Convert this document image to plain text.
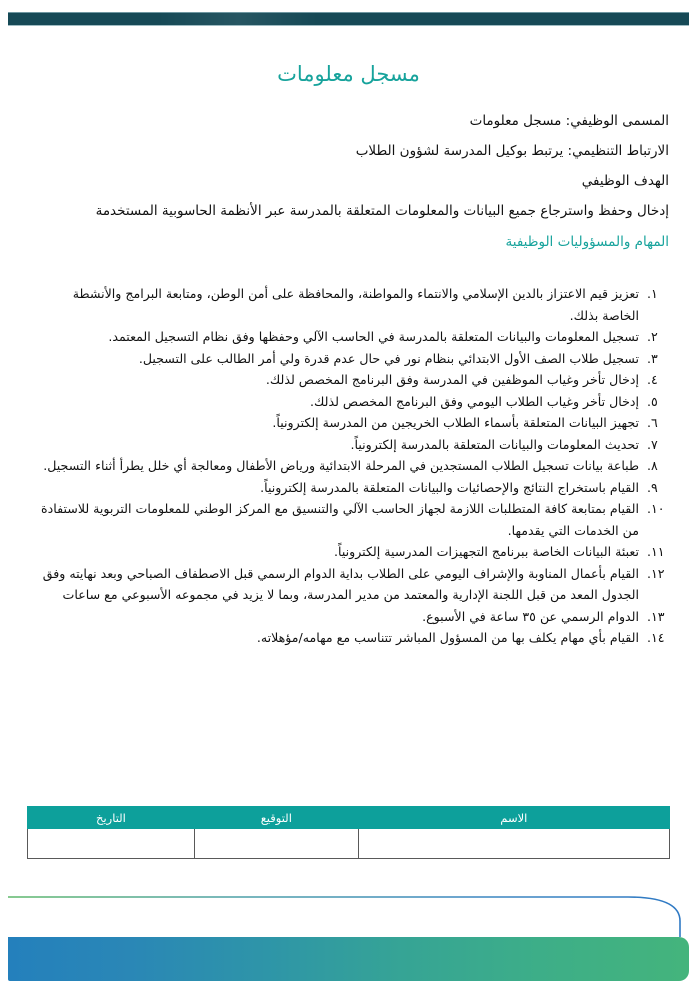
مسجل معلومات
المسمى الوظيفي: مسجل معلومات
الارتباط التنظيمي: يرتبط بوكيل المدرسة لشؤون الطلاب
الهدف الوظيفي
إدخال وحفظ واسترجاع جميع البيانات والمعلومات المتعلقة بالمدرسة عبر الأنظمة الحاسوبية المستخدمة
المهام والمسؤوليات الوظيفية
١.
تعزيز قيم الاعتزاز بالدين الإسلامي والانتماء والمواطنة، والمحافظة على أمن الوطن، ومتابعة البرامج والأنشطة الخاصة بذلك.
٢.
تسجيل المعلومات والبيانات المتعلقة بالمدرسة في الحاسب الآلي وحفظها وفق نظام التسجيل المعتمد.
٣.
تسجيل طلاب الصف الأول الابتدائي بنظام نور في حال عدم قدرة ولي أمر الطالب على التسجيل.
٤.
إدخال تأخر وغياب الموظفين في المدرسة وفق البرنامج المخصص لذلك.
٥.
إدخال تأخر وغياب الطلاب اليومي وفق البرنامج المخصص لذلك.
٦.
تجهيز البيانات المتعلقة بأسماء الطلاب الخريجين من المدرسة إلكترونياً.
٧.
تحديث المعلومات والبيانات المتعلقة بالمدرسة إلكترونياً.
٨.
طباعة بيانات تسجيل الطلاب المستجدين في المرحلة الابتدائية ورياض الأطفال ومعالجة أي خلل يطرأ أثناء التسجيل.
٩.
القيام باستخراج النتائج والإحصائيات والبيانات المتعلقة بالمدرسة إلكترونياً.
١٠.
القيام بمتابعة كافة المتطلبات اللازمة لجهاز الحاسب الآلي والتنسيق مع المركز الوطني للمعلومات التربوية للاستفادة من الخدمات التي يقدمها.
١١.
تعبئة البيانات الخاصة ببرنامج التجهيزات المدرسية إلكترونياً.
١٢.
القيام بأعمال المناوبة والإشراف اليومي على الطلاب بداية الدوام الرسمي قبل الاصطفاف الصباحي وبعد نهايته وفق الجدول المعد من قبل اللجنة الإدارية والمعتمد من مدير المدرسة، وبما لا يزيد في مجموعه الأسبوعي مع ساعات
١٣.
الدوام الرسمي عن ٣٥ ساعة في الأسبوع.
١٤.
القيام بأي مهام يكلف بها من المسؤول المباشر تتناسب مع مهامه/مؤهلاته.
الاسم	التوقيع	التاريخ
